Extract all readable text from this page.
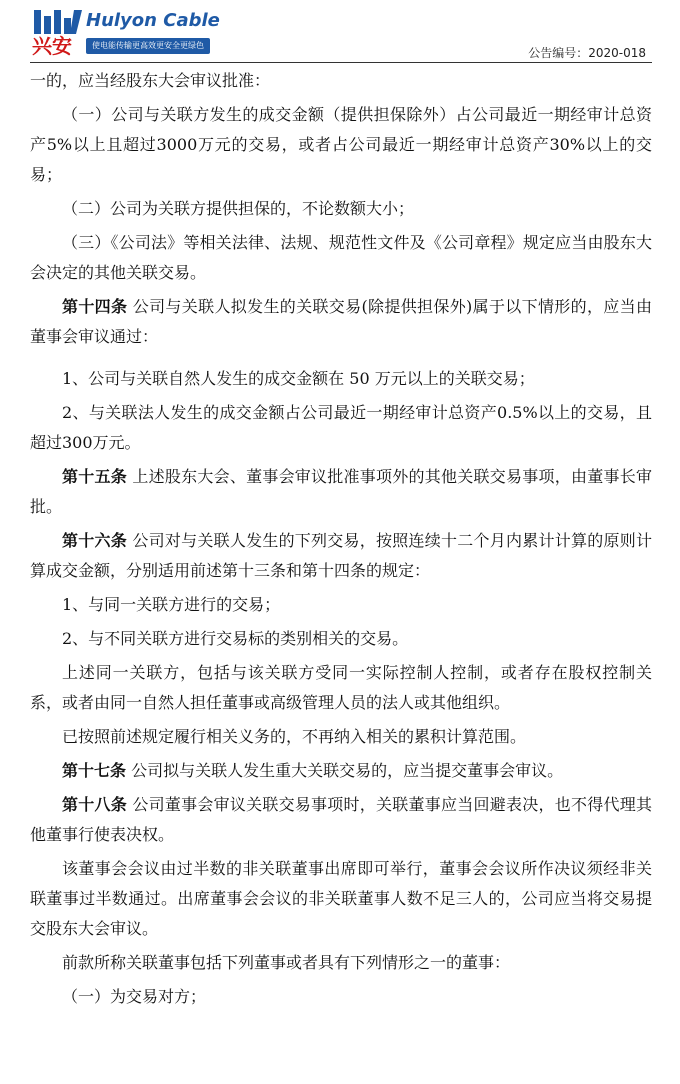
兴安
Hulyon Cable
使电能传输更高效更安全更绿色
公告编号：2020-018

一的，应当经股东大会审议批准：

（一）公司与关联方发生的成交金额（提供担保除外）占公司最近一期经审计总资产5%以上且超过3000万元的交易，或者占公司最近一期经审计总资产30%以上的交易；

（二）公司为关联方提供担保的，不论数额大小；

（三）《公司法》等相关法律、法规、规范性文件及《公司章程》规定应当由股东大会决定的其他关联交易。

第十四条 公司与关联人拟发生的关联交易(除提供担保外)属于以下情形的，应当由董事会审议通过：

1、公司与关联自然人发生的成交金额在 50 万元以上的关联交易；

2、与关联法人发生的成交金额占公司最近一期经审计总资产0.5%以上的交易，且超过300万元。

第十五条 上述股东大会、董事会审议批准事项外的其他关联交易事项，由董事长审批。

第十六条 公司对与关联人发生的下列交易，按照连续十二个月内累计计算的原则计算成交金额，分别适用前述第十三条和第十四条的规定：

1、与同一关联方进行的交易；

2、与不同关联方进行交易标的类别相关的交易。

上述同一关联方，包括与该关联方受同一实际控制人控制，或者存在股权控制关系，或者由同一自然人担任董事或高级管理人员的法人或其他组织。

已按照前述规定履行相关义务的，不再纳入相关的累积计算范围。

第十七条 公司拟与关联人发生重大关联交易的，应当提交董事会审议。

第十八条 公司董事会审议关联交易事项时，关联董事应当回避表决，也不得代理其他董事行使表决权。

该董事会会议由过半数的非关联董事出席即可举行，董事会会议所作决议须经非关联董事过半数通过。出席董事会会议的非关联董事人数不足三人的，公司应当将交易提交股东大会审议。

前款所称关联董事包括下列董事或者具有下列情形之一的董事：

（一）为交易对方；
